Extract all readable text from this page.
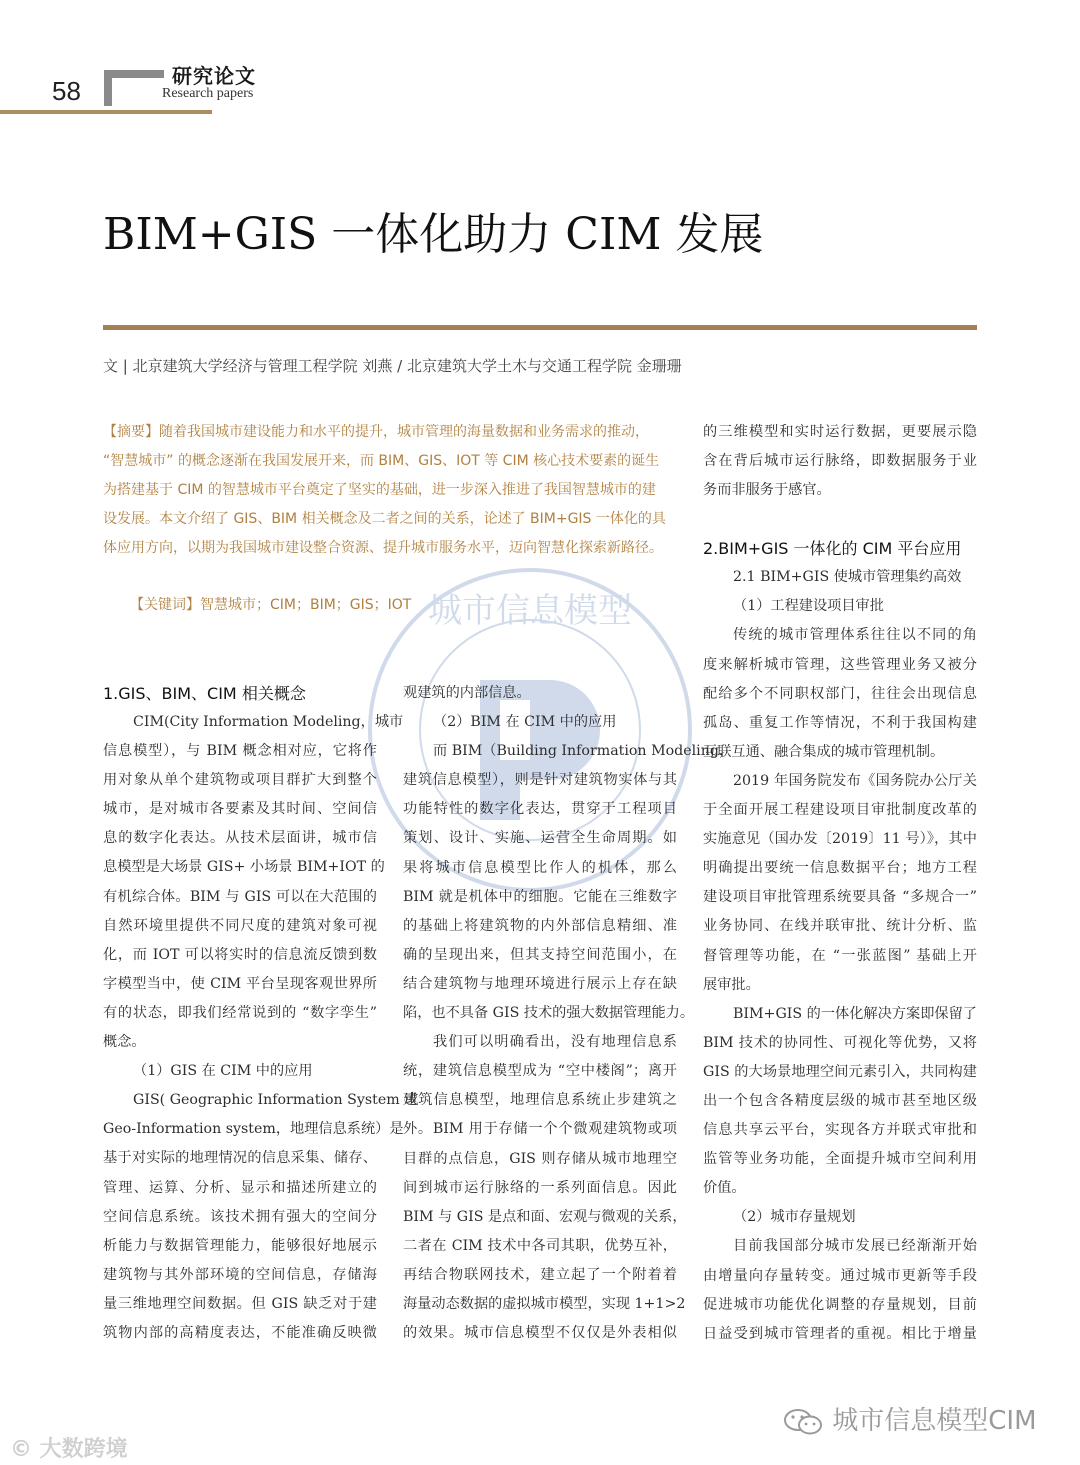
58	研究论文
Research papers
BIM+GIS 一体化助力 CIM 发展
文 | 北京建筑大学经济与管理工程学院 刘燕 / 北京建筑大学土木与交通工程学院 金珊珊
城市信息模型
【摘要】随着我国城市建设能力和水平的提升，城市管理的海量数据和业务需求的推动，
“智慧城市” 的概念逐渐在我国发展开来，而 BIM、GIS、IOT 等 CIM 核心技术要素的诞生
为搭建基于 CIM 的智慧城市平台奠定了坚实的基础，进一步深入推进了我国智慧城市的建
设发展。本文介绍了 GIS、BIM 相关概念及二者之间的关系，论述了 BIM+GIS 一体化的具
体应用方向，以期为我国城市建设整合资源、提升城市服务水平，迈向智慧化探索新路径。
【关键词】智慧城市；CIM；BIM；GIS；IOT
1.GIS、BIM、CIM 相关概念

CIM(City Information Modeling，城市

信息模型），与 BIM 概念相对应，它将作

用对象从单个建筑物或项目群扩大到整个

城市，是对城市各要素及其时间、空间信

息的数字化表达。从技术层面讲，城市信

息模型是大场景 GIS+ 小场景 BIM+IOT 的

有机综合体。BIM 与 GIS 可以在大范围的

自然环境里提供不同尺度的建筑对象可视

化，而 IOT 可以将实时的信息流反馈到数

字模型当中，使 CIM 平台呈现客观世界所

有的状态，即我们经常说到的 “数字孪生”

概念。

（1）GIS 在 CIM 中的应用

GIS( Geographic Information System 或

Geo-Information system，地理信息系统）是

基于对实际的地理情况的信息采集、储存、

管理、运算、分析、显示和描述所建立的

空间信息系统。该技术拥有强大的空间分

析能力与数据管理能力，能够很好地展示

建筑物与其外部环境的空间信息，存储海

量三维地理空间数据。但 GIS 缺乏对于建

筑物内部的高精度表达，不能准确反映微

观建筑的内部信息。

（2）BIM 在 CIM 中的应用

而 BIM（Building Information Modeling，

建筑信息模型），则是针对建筑物实体与其

功能特性的数字化表达，贯穿于工程项目

策划、设计、实施、运营全生命周期。如

果将城市信息模型比作人的机体，那么

BIM 就是机体中的细胞。它能在三维数字

的基础上将建筑物的内外部信息精细、准

确的呈现出来，但其支持空间范围小，在

结合建筑物与地理环境进行展示上存在缺

陷，也不具备 GIS 技术的强大数据管理能力。

我们可以明确看出，没有地理信息系

统，建筑信息模型成为 “空中楼阁”；离开

建筑信息模型，地理信息系统止步建筑之

外。BIM 用于存储一个个微观建筑物或项

目群的点信息，GIS 则存储从城市地理空

间到城市运行脉络的一系列面信息。因此

BIM 与 GIS 是点和面、宏观与微观的关系，

二者在 CIM 技术中各司其职，优势互补，

再结合物联网技术，建立起了一个附着着

海量动态数据的虚拟城市模型，实现 1+1>2

的效果。城市信息模型不仅仅是外表相似

的三维模型和实时运行数据，更要展示隐

含在背后城市运行脉络，即数据服务于业

务而非服务于感官。

2.BIM+GIS 一体化的 CIM 平台应用

2.1 BIM+GIS 使城市管理集约高效

（1）工程建设项目审批

传统的城市管理体系往往以不同的角

度来解析城市管理，这些管理业务又被分

配给多个不同职权部门，往往会出现信息

孤岛、重复工作等情况，不利于我国构建

互联互通、融合集成的城市管理机制。

2019 年国务院发布《国务院办公厅关

于全面开展工程建设项目审批制度改革的

实施意见（国办发〔2019〕11 号）》，其中

明确提出要统一信息数据平台；地方工程

建设项目审批管理系统要具备 “多规合一”

业务协同、在线并联审批、统计分析、监

督管理等功能，在 “一张蓝图” 基础上开

展审批。

BIM+GIS 的一体化解决方案即保留了

BIM 技术的协同性、可视化等优势，又将

GIS 的大场景地理空间元素引入，共同构建

出一个包含各精度层级的城市甚至地区级

信息共享云平台，实现各方并联式审批和

监管等业务功能，全面提升城市空间利用

价值。

（2）城市存量规划

目前我国部分城市发展已经渐渐开始

由增量向存量转变。通过城市更新等手段

促进城市功能优化调整的存量规划，目前

日益受到城市管理者的重视。相比于增量

© 大数跨境
城市信息模型CIM
